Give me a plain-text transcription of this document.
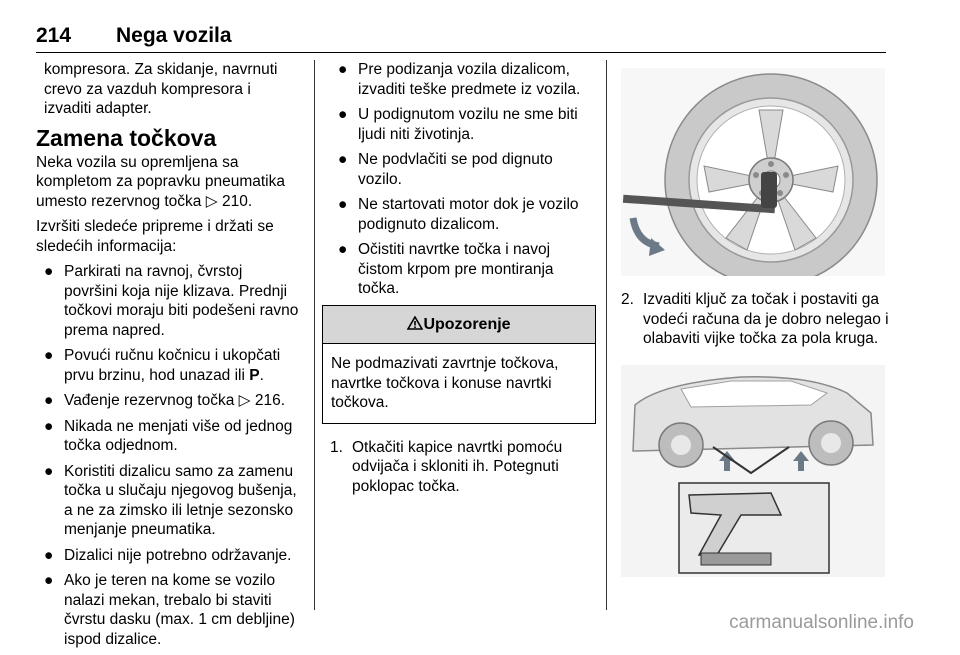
214 Nega vozila

kompresora. Za skidanje, navrnuti crevo za vazduh kompresora i izvaditi adapter.

Zamena točkova

Neka vozila su opremljena sa kompletom za popravku pneumatika umesto rezervnog točka ▷ 210.

Izvršiti sledeće pripreme i držati se sledećih informacija:

● Parkirati na ravnoj, čvrstoj površini koja nije klizava. Prednji točkovi moraju biti podešeni ravno prema napred.
● Povući ručnu kočnicu i ukopčati prvu brzinu, hod unazad ili P.
● Vađenje rezervnog točka ▷ 216.
● Nikada ne menjati više od jednog točka odjednom.
● Koristiti dizalicu samo za zamenu točka u slučaju njegovog bušenja, a ne za zimsko ili letnje sezonsko menjanje pneumatika.
● Dizalici nije potrebno održavanje.
● Ako je teren na kome se vozilo nalazi mekan, trebalo bi staviti čvrstu dasku (max. 1 cm debljine) ispod dizalice.
● Pre podizanja vozila dizalicom, izvaditi teške predmete iz vozila.
● U podignutom vozilu ne sme biti ljudi niti životinja.
● Ne podvlačiti se pod dignuto vozilo.
● Ne startovati motor dok je vozilo podignuto dizalicom.
● Očistiti navrtke točka i navoj čistom krpom pre montiranja točka.
Upozorenje
Ne podmazivati zavrtnje točkova, navrtke točkova i konuse navrtki točkova.
1. Otkačiti kapice navrtki pomoću odvijača i skloniti ih. Potegnuti poklopac točka.
2. Izvaditi ključ za točak i postaviti ga vodeći računa da je dobro nelegao i olabaviti vijke točka za pola kruga.
carmanualsonline.info
